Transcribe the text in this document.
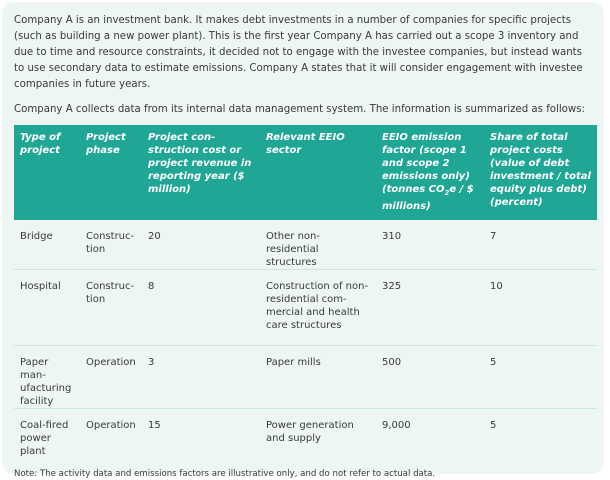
Company A is an investment bank. It makes debt investments in a number of companies for specific projects (such as building a new power plant). This is the first year Company A has carried out a scope 3 inventory and due to time and resource constraints, it decided not to engage with the investee companies, but instead wants to use secondary data to estimate emissions. Company A states that it will consider engagement with investee companies in future years.

Company A collects data from its internal data management system. The information is summarized as follows:

Type of project	Project phase	Project con-struction cost or project revenue in reporting year ($ million)	Relevant EEIO sector	EEIO emission factor (scope 1 and scope 2 emissions only) (tonnes $CO_2e$ / $ millions)	Share of total project costs (value of debt investment / total equity plus debt) (percent)
Bridge	Construc-tion	20	Other non-residential structures	310	7
Hospital	Construc-tion	8	Construction of non-residential com-mercial and health care structures	325	10
Paper man-ufacturing facility	Operation	3	Paper mills	500	5
Coal-fired power plant	Operation	15	Power generation and supply	9,000	5
Note: The activity data and emissions factors are illustrative only, and do not refer to actual data.
